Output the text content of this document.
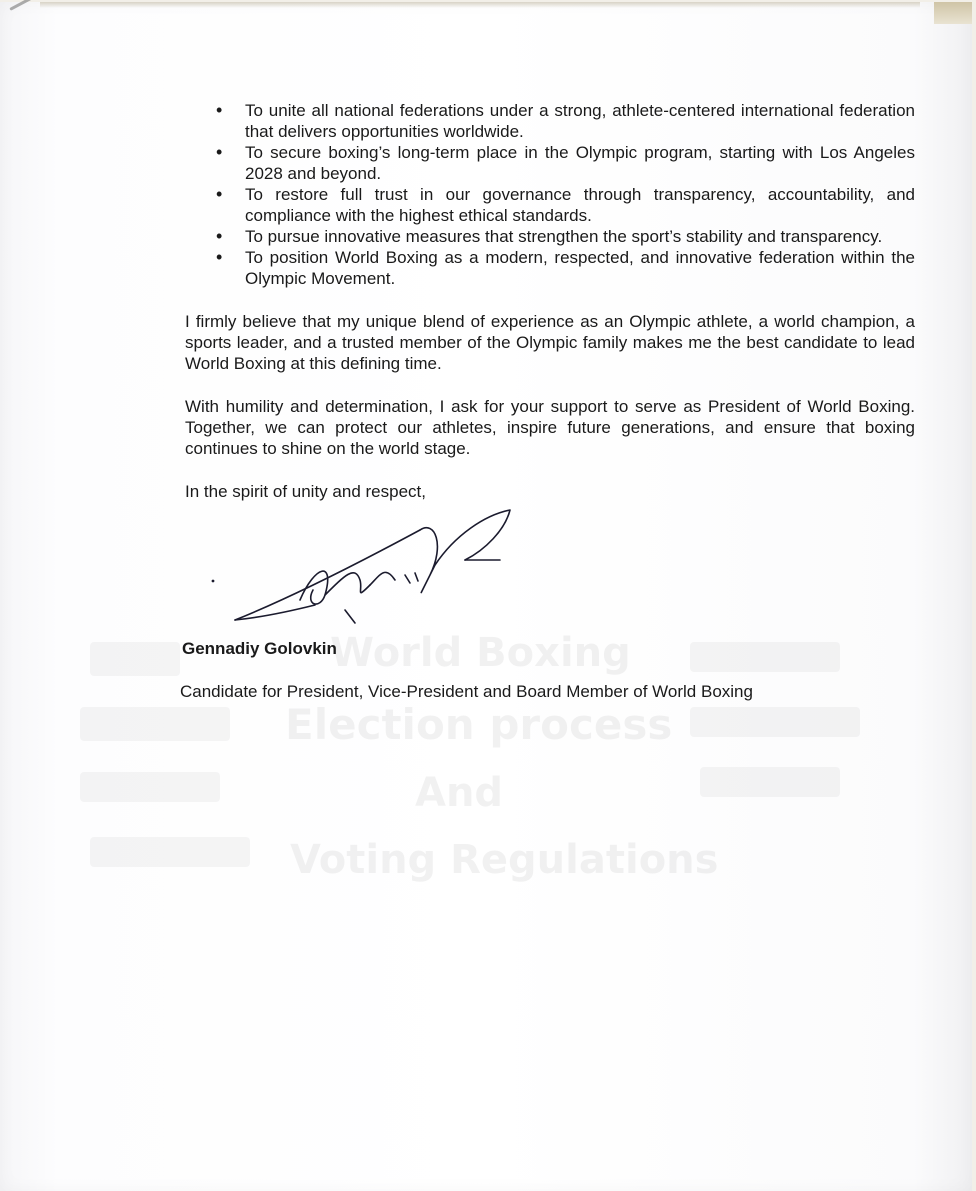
World Boxing
Election process
And
Voting Regulations
• To unite all national federations under a strong, athlete-centered international federation that delivers opportunities worldwide.
• To secure boxing’s long-term place in the Olympic program, starting with Los Angeles 2028 and beyond.
• To restore full trust in our governance through transparency, accountability, and compliance with the highest ethical standards.
• To pursue innovative measures that strengthen the sport’s stability and transparency.
• To position World Boxing as a modern, respected, and innovative federation within the Olympic Movement.

I firmly believe that my unique blend of experience as an Olympic athlete, a world champion, a sports leader, and a trusted member of the Olympic family makes me the best candidate to lead World Boxing at this defining time.

With humility and determination, I ask for your support to serve as President of World Boxing. Together, we can protect our athletes, inspire future generations, and ensure that boxing continues to shine on the world stage.

In the spirit of unity and respect,

Gennadiy Golovkin
Candidate for President, Vice-President and Board Member of World Boxing
